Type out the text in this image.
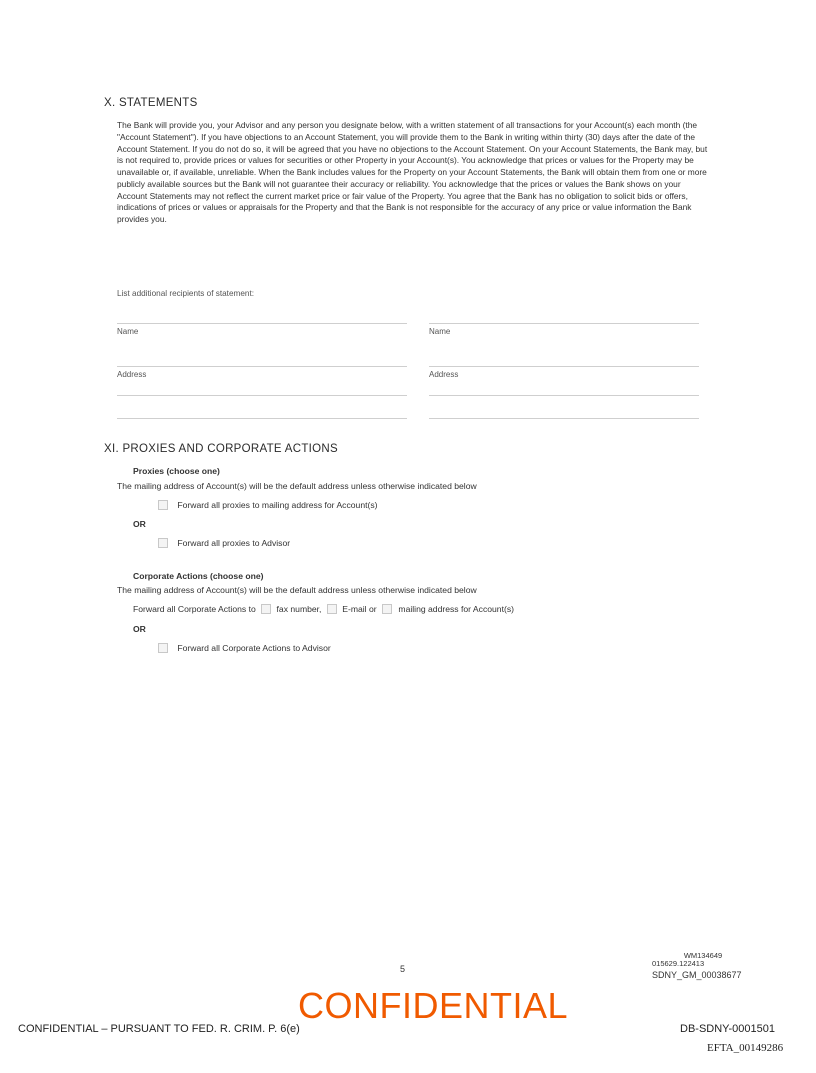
X. STATEMENTS
The Bank will provide you, your Advisor and any person you designate below, with a written statement of all transactions for your Account(s) each month (the "Account Statement"). If you have objections to an Account Statement, you will provide them to the Bank in writing within thirty (30) days after the date of the Account Statement. If you do not do so, it will be agreed that you have no objections to the Account Statement. On your Account Statements, the Bank may, but is not required to, provide prices or values for securities or other Property in your Account(s). You acknowledge that prices or values for the Property may be unavailable or, if available, unreliable. When the Bank includes values for the Property on your Account Statements, the Bank will obtain them from one or more publicly available sources but the Bank will not guarantee their accuracy or reliability. You acknowledge that the prices or values the Bank shows on your Account Statements may not reflect the current market price or fair value of the Property. You agree that the Bank has no obligation to solicit bids or offers, indications of prices or values or appraisals for the Property and that the Bank is not responsible for the accuracy of any price or value information the Bank provides you.
List additional recipients of statement:
Name
Address
Name
Address
XI. PROXIES AND CORPORATE ACTIONS
Proxies (choose one)
The mailing address of Account(s) will be the default address unless otherwise indicated below
Forward all proxies to mailing address for Account(s)
OR
Forward all proxies to Advisor
Corporate Actions (choose one)
The mailing address of Account(s) will be the default address unless otherwise indicated below
Forward all Corporate Actions to fax number, E-mail or	mailing address for Account(s)
OR
Forward all Corporate Actions to Advisor
5
WM134649
015629.122413
SDNY_GM_00038677
CONFIDENTIAL
CONFIDENTIAL – PURSUANT TO FED. R. CRIM. P. 6(e)	DB-SDNY-0001501
EFTA_00149286
